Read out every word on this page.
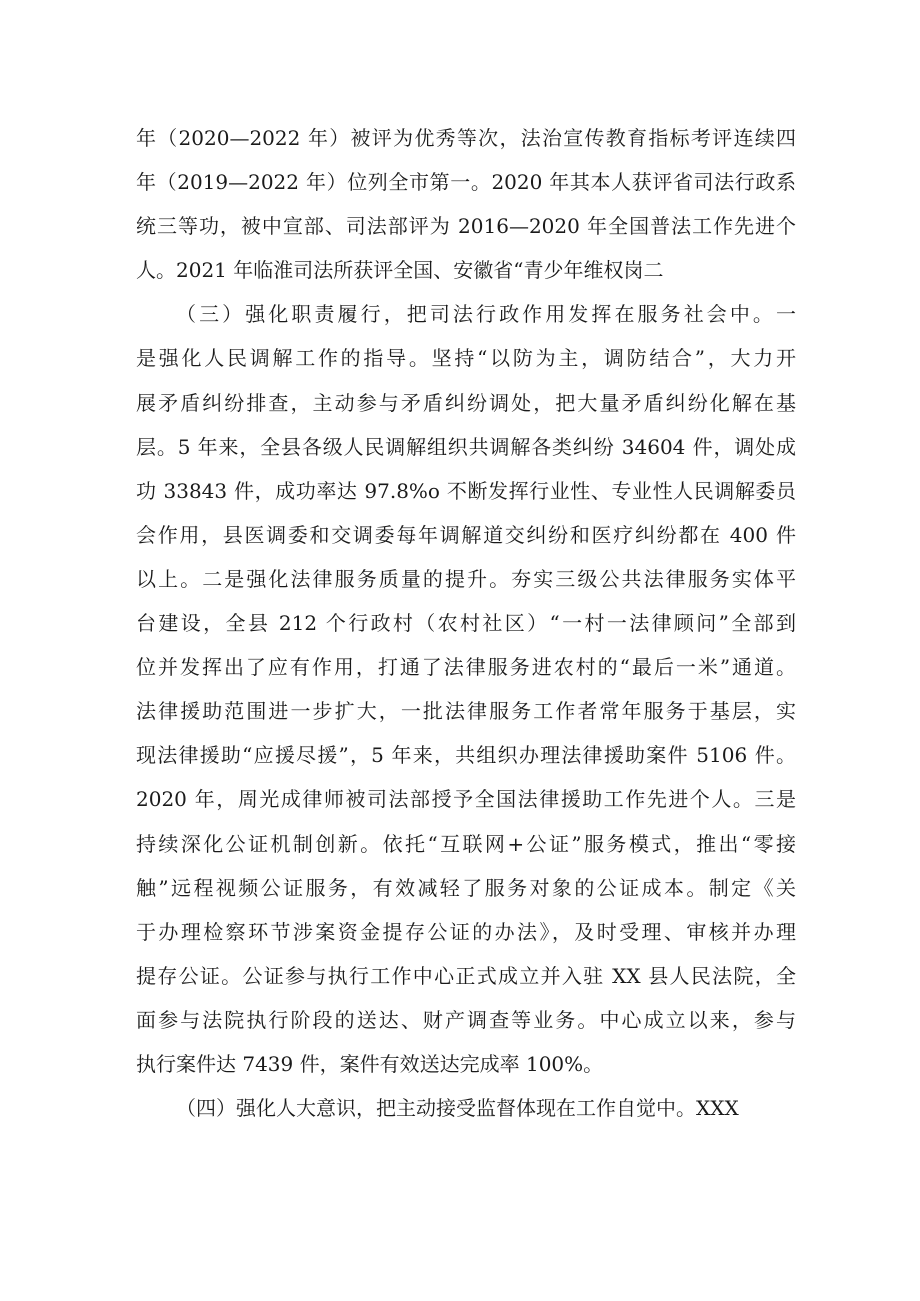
年（2020—2022 年）被评为优秀等次，法治宣传教育指标考评连续四
年（2019—2022 年）位列全市第一。2020 年其本人获评省司法行政系
统三等功，被中宣部、司法部评为 2016—2020 年全国普法工作先进个
人。2021 年临淮司法所获评全国、安徽省“青少年维权岗二
（三）强化职责履行，把司法行政作用发挥在服务社会中。一
是强化人民调解工作的指导。坚持“以防为主，调防结合”，大力开
展矛盾纠纷排查，主动参与矛盾纠纷调处，把大量矛盾纠纷化解在基
层。5 年来，全县各级人民调解组织共调解各类纠纷 34604 件，调处成
功 33843 件，成功率达 97.8%o 不断发挥行业性、专业性人民调解委员
会作用，县医调委和交调委每年调解道交纠纷和医疗纠纷都在 400 件
以上。二是强化法律服务质量的提升。夯实三级公共法律服务实体平
台建设，全县 212 个行政村（农村社区）“一村一法律顾问”全部到
位并发挥出了应有作用，打通了法律服务进农村的“最后一米”通道。
法律援助范围进一步扩大，一批法律服务工作者常年服务于基层，实
现法律援助“应援尽援”，5 年来，共组织办理法律援助案件 5106 件。
2020 年，周光成律师被司法部授予全国法律援助工作先进个人。三是
持续深化公证机制创新。依托“互联网+公证”服务模式，推出“零接
触”远程视频公证服务，有效减轻了服务对象的公证成本。制定《关
于办理检察环节涉案资金提存公证的办法》，及时受理、审核并办理
提存公证。公证参与执行工作中心正式成立并入驻 XX 县人民法院，全
面参与法院执行阶段的送达、财产调查等业务。中心成立以来，参与
执行案件达 7439 件，案件有效送达完成率 100%。
（四）强化人大意识，把主动接受监督体现在工作自觉中。XXX
